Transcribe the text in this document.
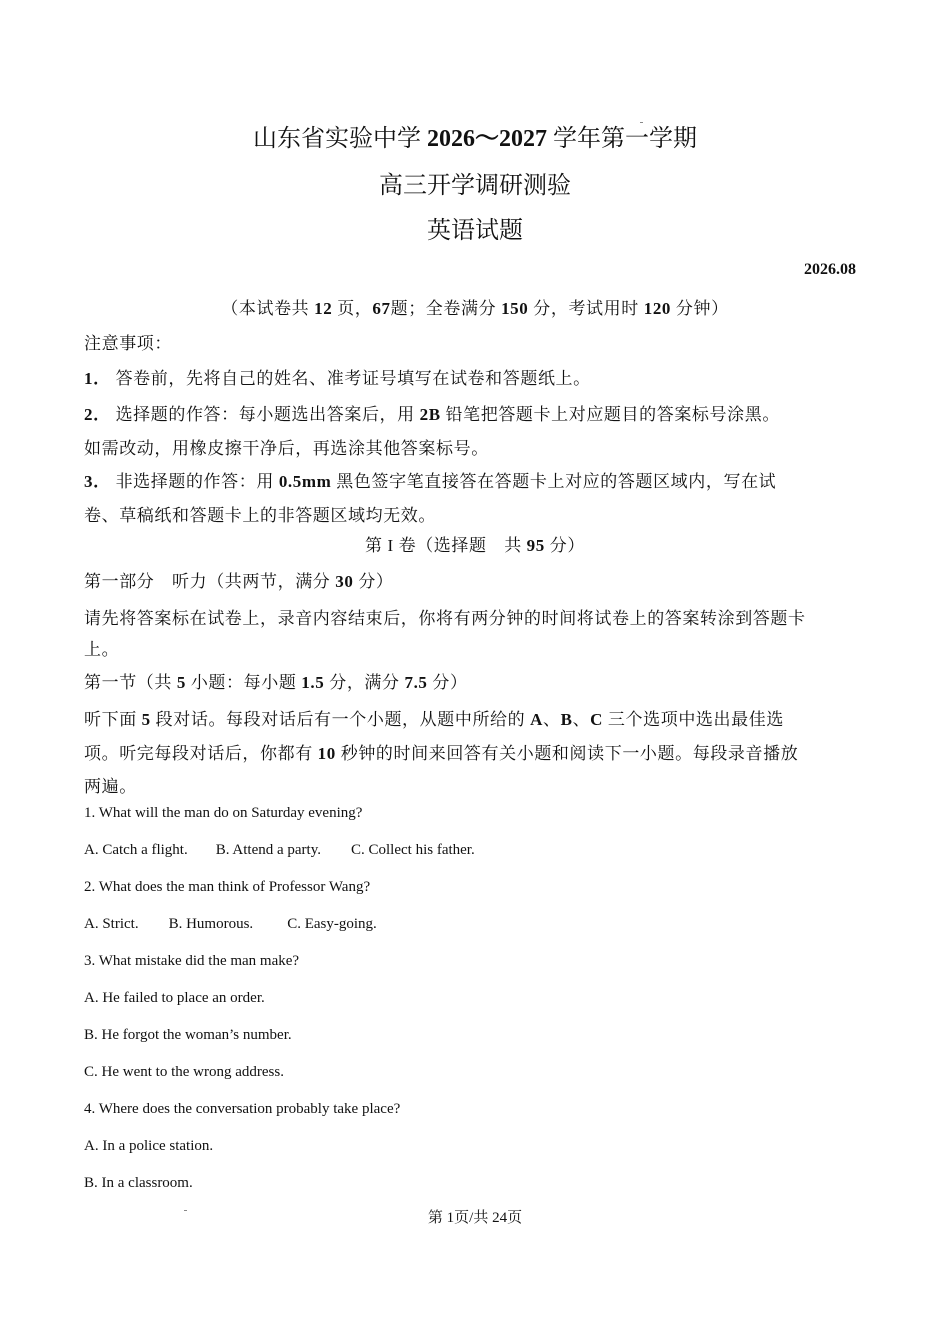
山东省实验中学 2026～2027 学年第一学期
高三开学调研测验
英语试题
2026.08
（本试卷共 12 页，67题；全卷满分 150 分，考试用时 120 分钟）
注意事项：
1． 答卷前，先将自己的姓名、准考证号填写在试卷和答题纸上。
2． 选择题的作答：每小题选出答案后，用 2B 铅笔把答题卡上对应题目的答案标号涂黑。
如需改动，用橡皮擦干净后，再选涂其他答案标号。
3． 非选择题的作答：用 0.5mm 黑色签字笔直接答在答题卡上对应的答题区域内，写在试
卷、草稿纸和答题卡上的非答题区域均无效。
第 I 卷（选择题　共 95 分）
第一部分　听力（共两节，满分 30 分）
请先将答案标在试卷上，录音内容结束后，你将有两分钟的时间将试卷上的答案转涂到答题卡
上。
第一节（共 5 小题：每小题 1.5 分，满分 7.5 分）
听下面 5 段对话。每段对话后有一个小题，从题中所给的 A、B、C 三个选项中选出最佳选
项。听完每段对话后，你都有 10 秒钟的时间来回答有关小题和阅读下一小题。每段录音播放
两遍。
1. What will the man do on Saturday evening?
A. Catch a flight. B. Attend a party. C. Collect his father.
2. What does the man think of Professor Wang?
A. Strict. B. Humorous. C. Easy-going.
3. What mistake did the man make?
A. He failed to place an order.
B. He forgot the woman’s number.
C. He went to the wrong address.
4. Where does the conversation probably take place?
A. In a police station.
B. In a classroom.
第 1页/共 24页
